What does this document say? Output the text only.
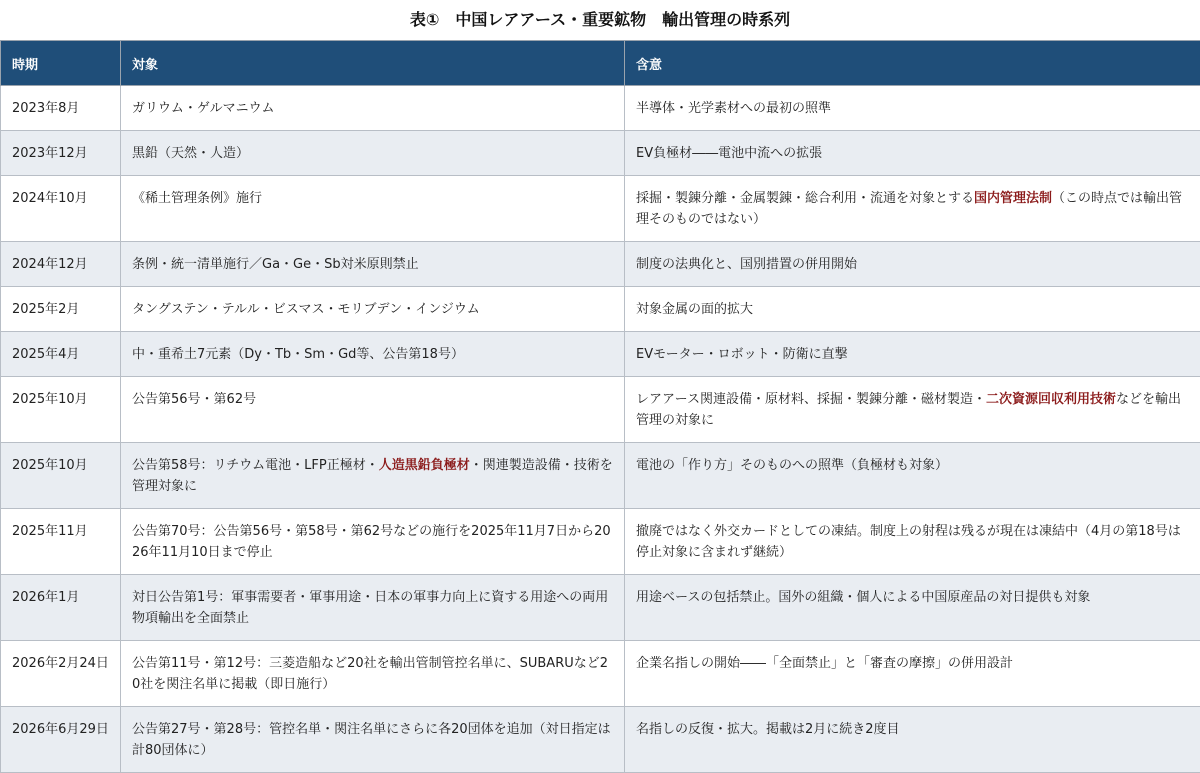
表①　中国レアアース・重要鉱物　輸出管理の時系列
時期	対象	含意
2023年8月	ガリウム・ゲルマニウム	半導体・光学素材への最初の照準
2023年12月	黒鉛（天然・人造）	EV負極材――電池中流への拡張
2024年10月	《稀土管理条例》施行	採掘・製錬分離・金属製錬・総合利用・流通を対象とする国内管理法制（この時点では輸出管理そのものではない）
2024年12月	条例・統一清単施行／Ga・Ge・Sb対米原則禁止	制度の法典化と、国別措置の併用開始
2025年2月	タングステン・テルル・ビスマス・モリブデン・インジウム	対象金属の面的拡大
2025年4月	中・重希土7元素（Dy・Tb・Sm・Gd等、公告第18号）	EVモーター・ロボット・防衛に直撃
2025年10月	公告第56号・第62号	レアアース関連設備・原材料、採掘・製錬分離・磁材製造・二次資源回収利用技術などを輸出管理の対象に
2025年10月	公告第58号：リチウム電池・LFP正極材・人造黒鉛負極材・関連製造設備・技術を管理対象に	電池の「作り方」そのものへの照準（負極材も対象）
2025年11月	公告第70号：公告第56号・第58号・第62号などの施行を2025年11月7日から2026年11月10日まで停止	撤廃ではなく外交カードとしての凍結。制度上の射程は残るが現在は凍結中（4月の第18号は停止対象に含まれず継続）
2026年1月	対日公告第1号：軍事需要者・軍事用途・日本の軍事力向上に資する用途への両用物項輸出を全面禁止	用途ベースの包括禁止。国外の組織・個人による中国原産品の対日提供も対象
2026年2月24日	公告第11号・第12号：三菱造船など20社を輸出管制管控名単に、SUBARUなど20社を関注名単に掲載（即日施行）	企業名指しの開始――「全面禁止」と「審査の摩擦」の併用設計
2026年6月29日	公告第27号・第28号：管控名単・関注名単にさらに各20団体を追加（対日指定は計80団体に）	名指しの反復・拡大。掲載は2月に続き2度目
